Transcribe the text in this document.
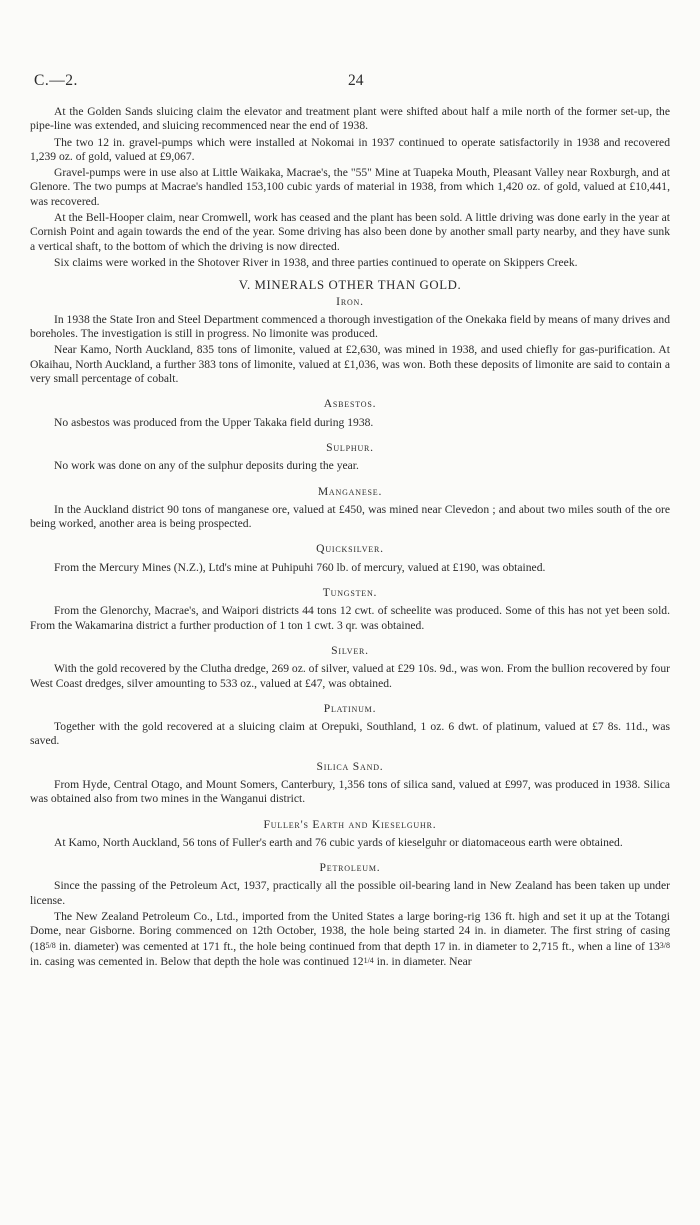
C.—2.	24

At the Golden Sands sluicing claim the elevator and treatment plant were shifted about half a mile north of the former set-up, the pipe-line was extended, and sluicing recommenced near the end of 1938.

The two 12 in. gravel-pumps which were installed at Nokomai in 1937 continued to operate satisfactorily in 1938 and recovered 1,239 oz. of gold, valued at £9,067.

Gravel-pumps were in use also at Little Waikaka, Macrae's, the "55" Mine at Tuapeka Mouth, Pleasant Valley near Roxburgh, and at Glenore. The two pumps at Macrae's handled 153,100 cubic yards of material in 1938, from which 1,420 oz. of gold, valued at £10,441, was recovered.

At the Bell-Hooper claim, near Cromwell, work has ceased and the plant has been sold. A little driving was done early in the year at Cornish Point and again towards the end of the year. Some driving has also been done by another small party nearby, and they have sunk a vertical shaft, to the bottom of which the driving is now directed.

Six claims were worked in the Shotover River in 1938, and three parties continued to operate on Skippers Creek.

V. MINERALS OTHER THAN GOLD.
Iron.

In 1938 the State Iron and Steel Department commenced a thorough investigation of the Onekaka field by means of many drives and boreholes. The investigation is still in progress. No limonite was produced.

Near Kamo, North Auckland, 835 tons of limonite, valued at £2,630, was mined in 1938, and used chiefly for gas-purification. At Okaihau, North Auckland, a further 383 tons of limonite, valued at £1,036, was won. Both these deposits of limonite are said to contain a very small percentage of cobalt.

Asbestos.

No asbestos was produced from the Upper Takaka field during 1938.

Sulphur.

No work was done on any of the sulphur deposits during the year.

Manganese.

In the Auckland district 90 tons of manganese ore, valued at £450, was mined near Clevedon ; and about two miles south of the ore being worked, another area is being prospected.

Quicksilver.

From the Mercury Mines (N.Z.), Ltd's mine at Puhipuhi 760 lb. of mercury, valued at £190, was obtained.

Tungsten.

From the Glenorchy, Macrae's, and Waipori districts 44 tons 12 cwt. of scheelite was produced. Some of this has not yet been sold. From the Wakamarina district a further production of 1 ton 1 cwt. 3 qr. was obtained.

Silver.

With the gold recovered by the Clutha dredge, 269 oz. of silver, valued at £29 10s. 9d., was won. From the bullion recovered by four West Coast dredges, silver amounting to 533 oz., valued at £47, was obtained.

Platinum.

Together with the gold recovered at a sluicing claim at Orepuki, Southland, 1 oz. 6 dwt. of platinum, valued at £7 8s. 11d., was saved.

Silica Sand.

From Hyde, Central Otago, and Mount Somers, Canterbury, 1,356 tons of silica sand, valued at £997, was produced in 1938. Silica was obtained also from two mines in the Wanganui district.

Fuller's Earth and Kieselguhr.

At Kamo, North Auckland, 56 tons of Fuller's earth and 76 cubic yards of kieselguhr or diatomaceous earth were obtained.

Petroleum.

Since the passing of the Petroleum Act, 1937, practically all the possible oil-bearing land in New Zealand has been taken up under license.

The New Zealand Petroleum Co., Ltd., imported from the United States a large boring-rig 136 ft. high and set it up at the Totangi Dome, near Gisborne. Boring commenced on 12th October, 1938, the hole being started 24 in. in diameter. The first string of casing (185/8 in. diameter) was cemented at 171 ft., the hole being continued from that depth 17 in. in diameter to 2,715 ft., when a line of 133/8 in. casing was cemented in. Below that depth the hole was continued 121/4 in. in diameter. Near
